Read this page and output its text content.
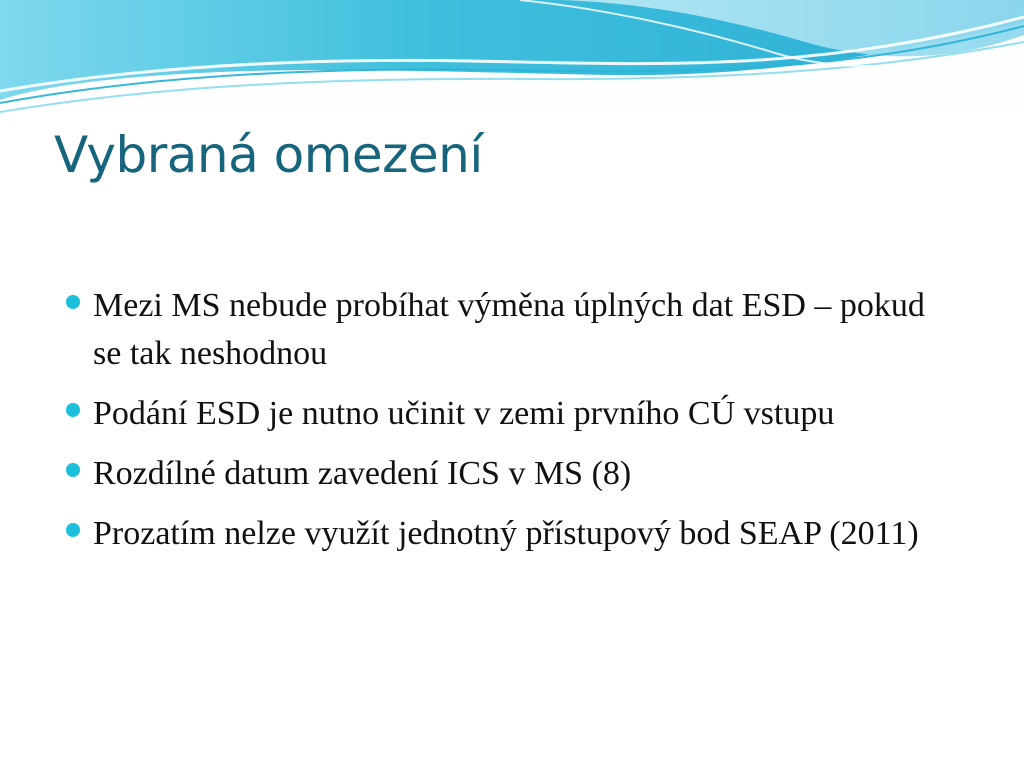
Vybraná omezení
Mezi MS nebude probíhat výměna úplných dat ESD – pokud se tak neshodnou
Podání ESD je nutno učinit v zemi prvního CÚ vstupu
Rozdílné datum zavedení ICS v MS (8)
Prozatím nelze využít jednotný přístupový bod SEAP (2011)
